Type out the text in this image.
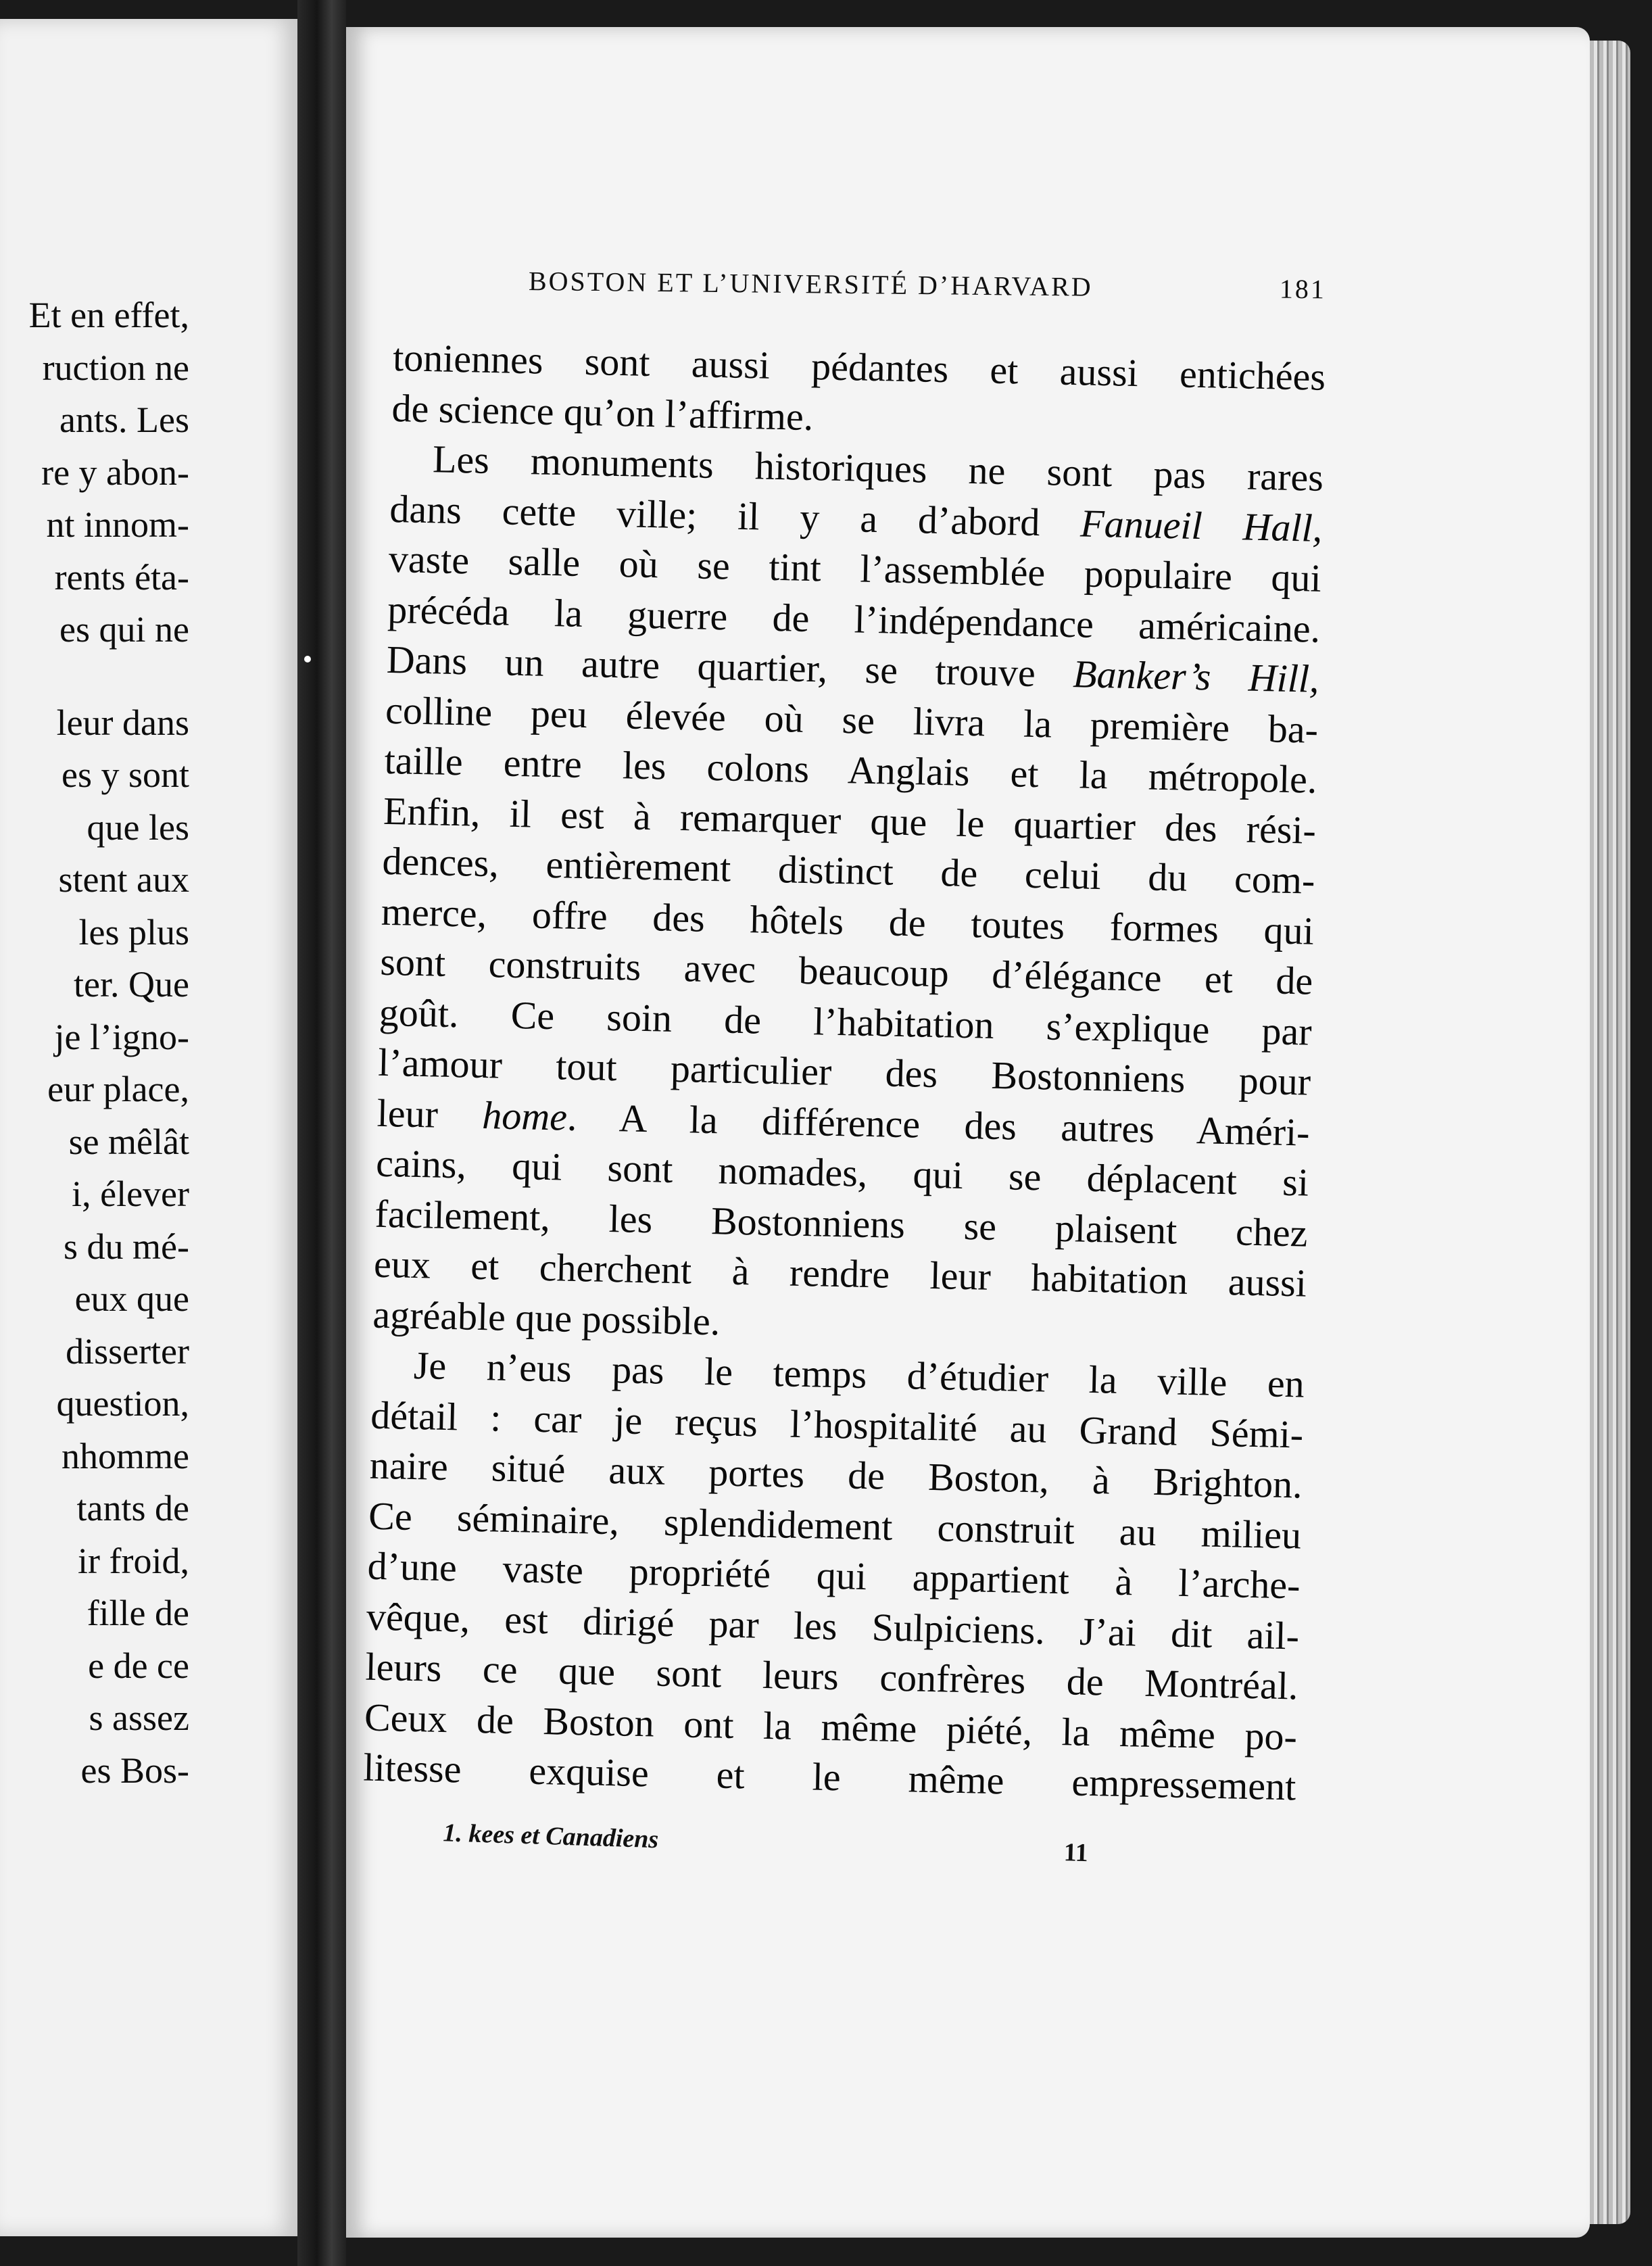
Et en effet,
ruction ne
ants. Les
re y abon-
nt innom-
rents éta-
es qui ne
leur dans
es y sont
que les
stent aux
les plus
ter. Que
je l’igno-
eur place,
se mêlât
i, élever
s du mé-
eux que
disserter
question,
nhomme
tants de
ir froid,
fille de
e de ce
s assez
es Bos-
BOSTON ET L’UNIVERSITÉ D’HARVARD	181
toniennes sont aussi pédantes et aussi entichées
de science qu’on l’affirme.
Les monuments historiques ne sont pas rares
dans cette ville; il y a d’abord Fanueil Hall,
vaste salle où se tint l’assemblée populaire qui
précéda la guerre de l’indépendance américaine.
Dans un autre quartier, se trouve Banker’s Hill,
colline peu élevée où se livra la première ba-
taille entre les colons Anglais et la métropole.
Enfin, il est à remarquer que le quartier des rési-
dences, entièrement distinct de celui du com-
merce, offre des hôtels de toutes formes qui
sont construits avec beaucoup d’élégance et de
goût. Ce soin de l’habitation s’explique par
l’amour tout particulier des Bostonniens pour
leur home. A la différence des autres Améri-
cains, qui sont nomades, qui se déplacent si
facilement, les Bostonniens se plaisent chez
eux et cherchent à rendre leur habitation aussi
agréable que possible.
Je n’eus pas le temps d’étudier la ville en
détail : car je reçus l’hospitalité au Grand Sémi-
naire situé aux portes de Boston, à Brighton.
Ce séminaire, splendidement construit au milieu
d’une vaste propriété qui appartient à l’arche-
vêque, est dirigé par les Sulpiciens. J’ai dit ail-
leurs ce que sont leurs confrères de Montréal.
Ceux de Boston ont la même piété, la même po-
litesse exquise et le même empressement
1. kees et Canadiens	11
